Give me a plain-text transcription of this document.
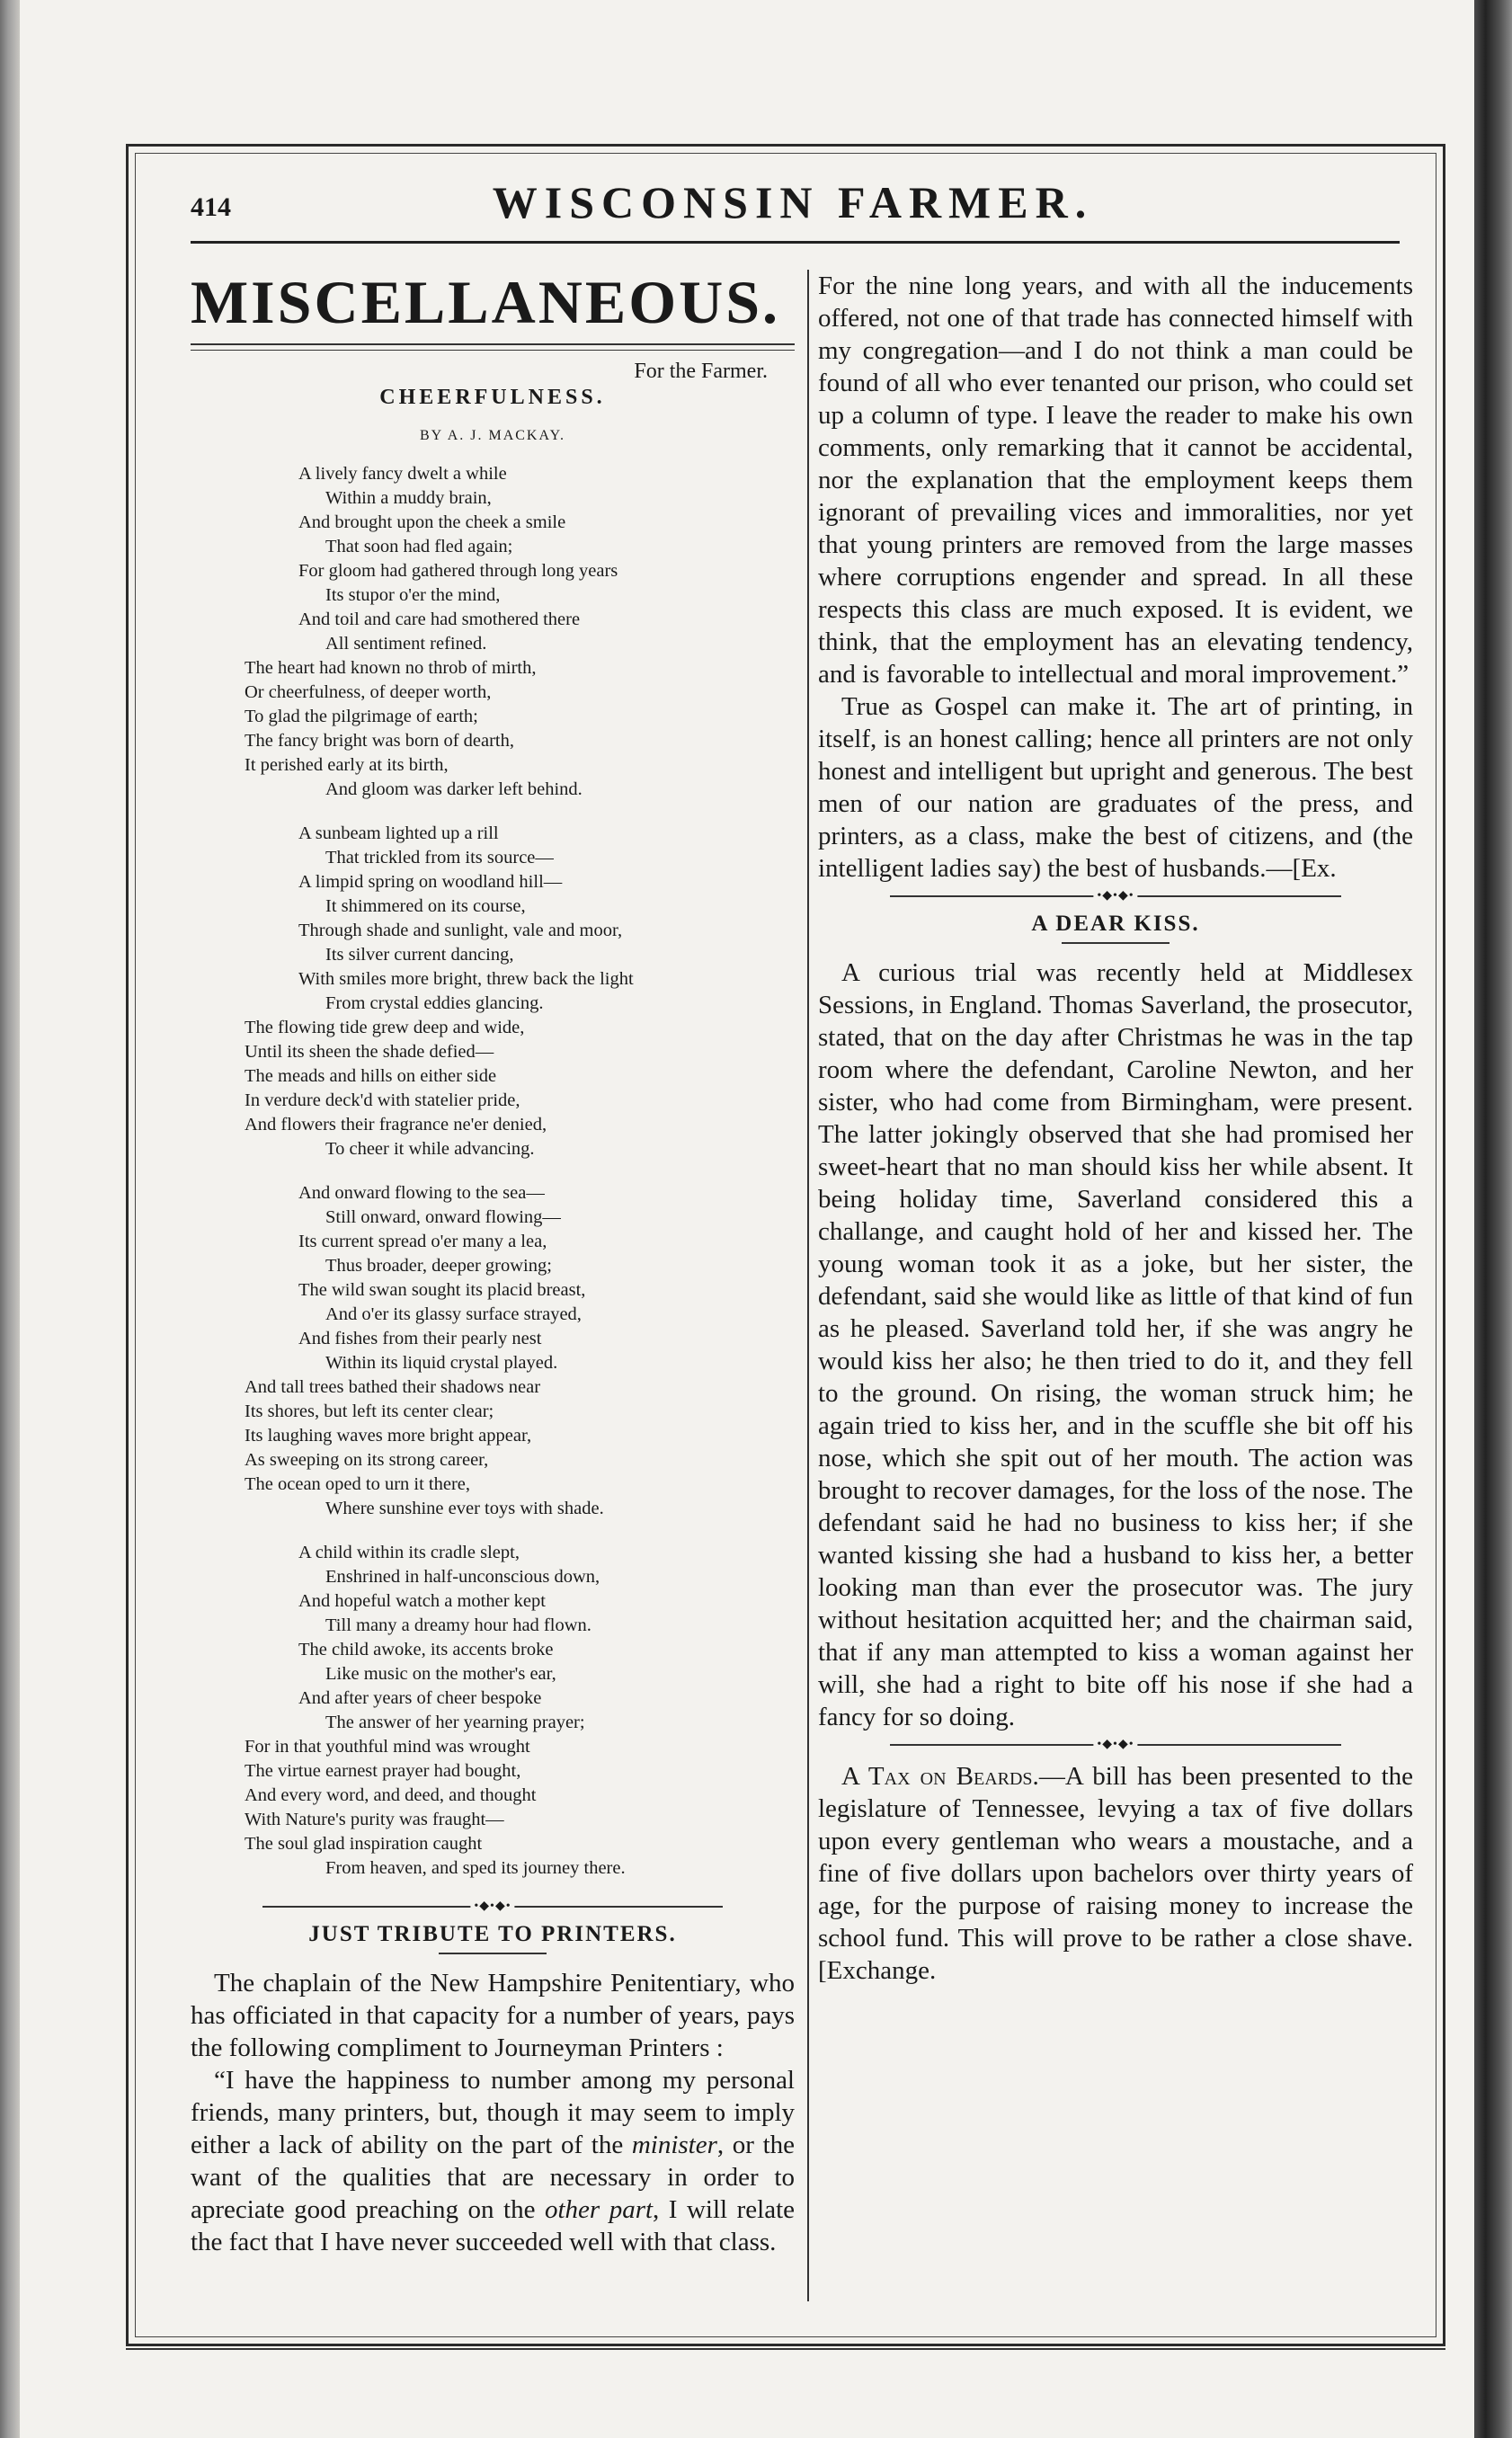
414	WISCONSIN FARMER.
MISCELLANEOUS.
For the Farmer.
CHEERFULNESS.
BY A. J. MACKAY.
A lively fancy dwelt a while
Within a muddy brain,
And brought upon the cheek a smile
That soon had fled again;
For gloom had gathered through long years
Its stupor o'er the mind,
And toil and care had smothered there
All sentiment refined.
The heart had known no throb of mirth,
Or cheerfulness, of deeper worth,
To glad the pilgrimage of earth;
The fancy bright was born of dearth,
It perished early at its birth,
And gloom was darker left behind.
A sunbeam lighted up a rill
That trickled from its source—
A limpid spring on woodland hill—
It shimmered on its course,
Through shade and sunlight, vale and moor,
Its silver current dancing,
With smiles more bright, threw back the light
From crystal eddies glancing.
The flowing tide grew deep and wide,
Until its sheen the shade defied—
The meads and hills on either side
In verdure deck'd with statelier pride,
And flowers their fragrance ne'er denied,
To cheer it while advancing.
And onward flowing to the sea—
Still onward, onward flowing—
Its current spread o'er many a lea,
Thus broader, deeper growing;
The wild swan sought its placid breast,
And o'er its glassy surface strayed,
And fishes from their pearly nest
Within its liquid crystal played.
And tall trees bathed their shadows near
Its shores, but left its center clear;
Its laughing waves more bright appear,
As sweeping on its strong career,
The ocean oped to urn it there,
Where sunshine ever toys with shade.
A child within its cradle slept,
Enshrined in half-unconscious down,
And hopeful watch a mother kept
Till many a dreamy hour had flown.
The child awoke, its accents broke
Like music on the mother's ear,
And after years of cheer bespoke
The answer of her yearning prayer;
For in that youthful mind was wrought
The virtue earnest prayer had bought,
And every word, and deed, and thought
With Nature's purity was fraught—
The soul glad inspiration caught
From heaven, and sped its journey there.
•◆•◆•
JUST TRIBUTE TO PRINTERS.

The chaplain of the New Hampshire Penitentiary, who has officiated in that capacity for a number of years, pays the following compliment to Journeyman Printers :

“I have the happiness to number among my personal friends, many printers, but, though it may seem to imply either a lack of ability on the part of the minister, or the want of the qualities that are necessary in order to apreciate good preaching on the other part, I will relate the fact that I have never succeeded well with that class.

For the nine long years, and with all the inducements offered, not one of that trade has connected himself with my congregation—and I do not think a man could be found of all who ever tenanted our prison, who could set up a column of type. I leave the reader to make his own comments, only remarking that it cannot be accidental, nor the explanation that the employment keeps them ignorant of prevailing vices and immoralities, nor yet that young printers are removed from the large masses where corruptions engender and spread. In all these respects this class are much exposed. It is evident, we think, that the employment has an elevating tendency, and is favorable to intellectual and moral improvement.”

True as Gospel can make it. The art of printing, in itself, is an honest calling; hence all printers are not only honest and intelligent but upright and generous. The best men of our nation are graduates of the press, and printers, as a class, make the best of citizens, and (the intelligent ladies say) the best of husbands.—[Ex.

•◆•◆•
A DEAR KISS.

A curious trial was recently held at Middlesex Sessions, in England. Thomas Saverland, the prosecutor, stated, that on the day after Christmas he was in the tap room where the defendant, Caroline Newton, and her sister, who had come from Birmingham, were present. The latter jokingly observed that she had promised her sweet-heart that no man should kiss her while absent. It being holiday time, Saverland considered this a challange, and caught hold of her and kissed her. The young woman took it as a joke, but her sister, the defendant, said she would like as little of that kind of fun as he pleased. Saverland told her, if she was angry he would kiss her also; he then tried to do it, and they fell to the ground. On rising, the woman struck him; he again tried to kiss her, and in the scuffle she bit off his nose, which she spit out of her mouth. The action was brought to recover damages, for the loss of the nose. The defendant said he had no business to kiss her; if she wanted kissing she had a husband to kiss her, a better looking man than ever the prosecutor was. The jury without hesitation acquitted her; and the chairman said, that if any man attempted to kiss a woman against her will, she had a right to bite off his nose if she had a fancy for so doing.

•◆•◆•

A Tax on Beards.—A bill has been presented to the legislature of Tennessee, levying a tax of five dollars upon every gentleman who wears a moustache, and a fine of five dollars upon bachelors over thirty years of age, for the purpose of raising money to increase the school fund. This will prove to be rather a close shave. [Exchange.
